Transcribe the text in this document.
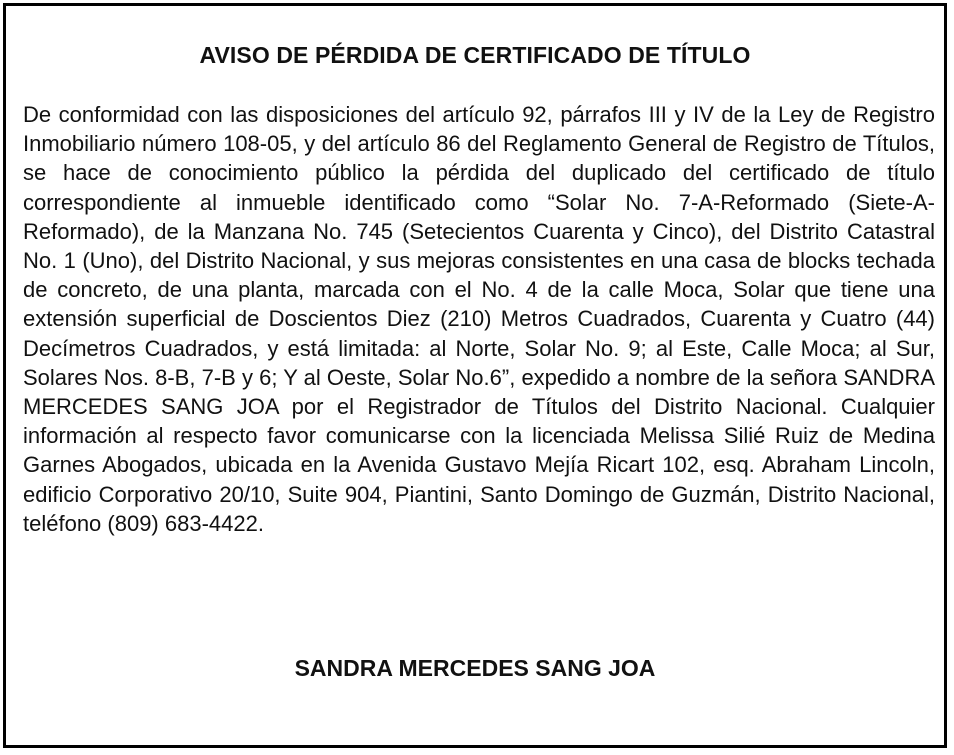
AVISO DE PÉRDIDA DE CERTIFICADO DE TÍTULO

De conformidad con las disposiciones del artículo 92, párrafos III y IV de la Ley de Registro Inmobiliario número 108-05, y del artículo 86 del Reglamento General de Registro de Títulos, se hace de conocimiento público la pérdida del duplicado del certificado de título correspondiente al inmueble identificado como “Solar No. 7-A-Reformado (Siete-A-Reformado), de la Manzana No. 745 (Setecientos Cuarenta y Cinco), del Distrito Catastral No. 1 (Uno), del Distrito Nacional, y sus mejoras consistentes en una casa de blocks techada de concreto, de una planta, marcada con el No. 4 de la calle Moca, Solar que tiene una extensión superficial de Doscientos Diez (210) Metros Cuadrados, Cuarenta y Cuatro (44) Decímetros Cuadrados, y está limitada: al Norte, Solar No. 9; al Este, Calle Moca; al Sur, Solares Nos. 8-B, 7-B y 6; Y al Oeste, Solar No.6”, expedido a nombre de la señora SANDRA MERCEDES SANG JOA por el Registrador de Títulos del Distrito Nacional. Cualquier información al respecto favor comunicarse con la licenciada Melissa Silié Ruiz de Medina Garnes Abogados, ubicada en la Avenida Gustavo Mejía Ricart 102, esq. Abraham Lincoln, edificio Corporativo 20/10, Suite 904, Piantini, Santo Domingo de Guzmán, Distrito Nacional, teléfono (809) 683-4422.

SANDRA MERCEDES SANG JOA
